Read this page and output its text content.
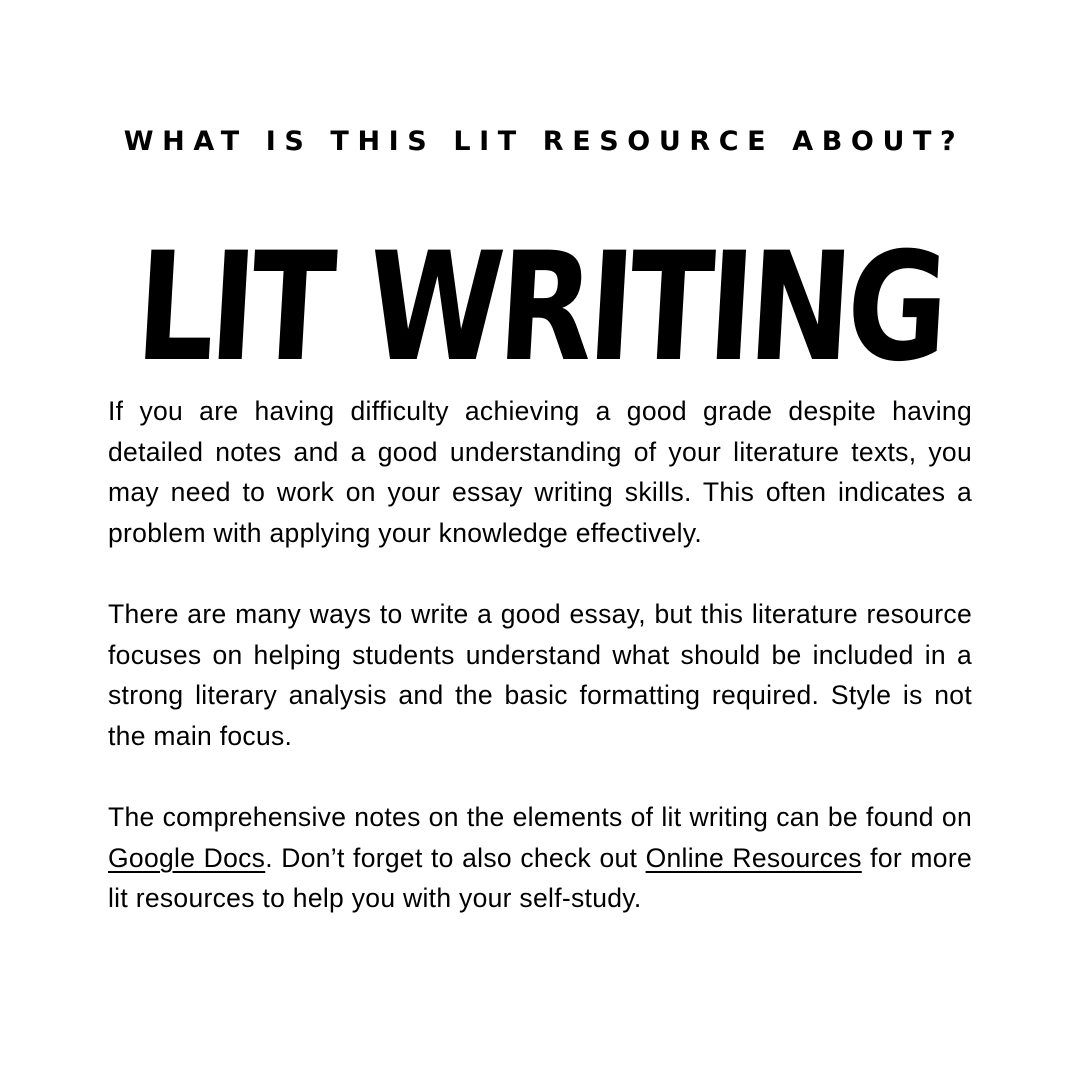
WHAT IS THIS LIT RESOURCE ABOUT?
LIT WRITING

If you are having difficulty achieving a good grade despite having detailed notes and a good understanding of your literature texts, you may need to work on your essay writing skills. This often indicates a problem with applying your knowledge effectively.

There are many ways to write a good essay, but this literature resource focuses on helping students understand what should be included in a strong literary analysis and the basic formatting required. Style is not the main focus.

The comprehensive notes on the elements of lit writing can be found on Google Docs. Don’t forget to also check out Online Resources for more lit resources to help you with your self-study.
